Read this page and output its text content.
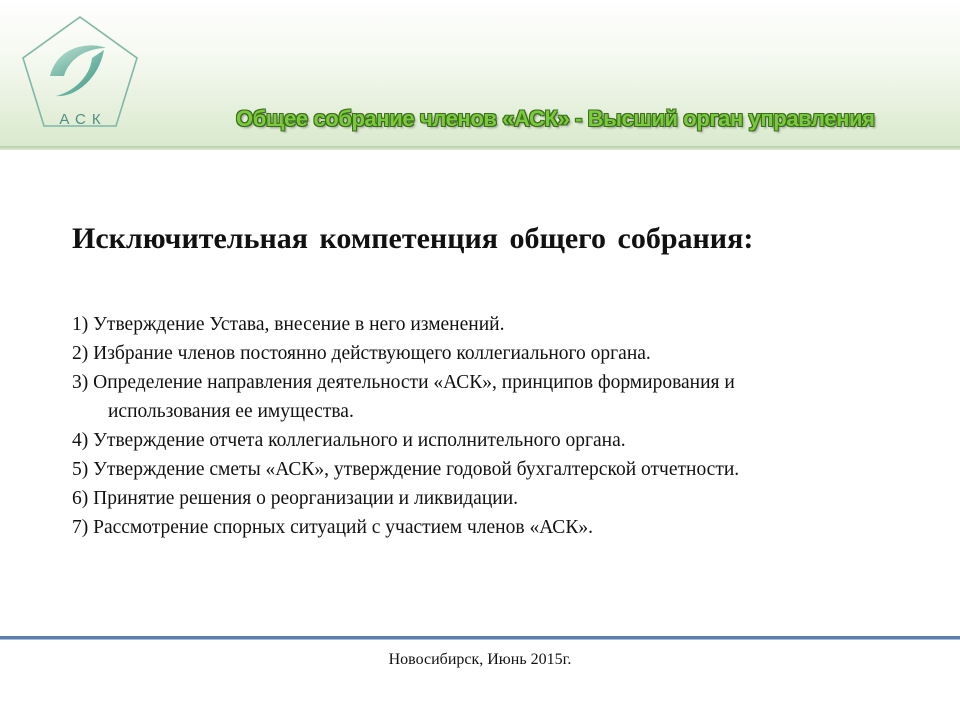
АСК	Общее собрание членов «АСК» - Высший орган управления
Исключительная компетенция общего собрания:
1) Утверждение Устава, внесение в него изменений.
2) Избрание членов постоянно действующего коллегиального органа.
3) Определение направления деятельности «АСК», принципов формирования и
использования ее имущества.
4) Утверждение отчета коллегиального и исполнительного органа.
5) Утверждение сметы «АСК», утверждение годовой бухгалтерской отчетности.
6) Принятие решения о реорганизации и ликвидации.
7) Рассмотрение спорных ситуаций с участием членов «АСК».
Новосибирск, Июнь 2015г.
